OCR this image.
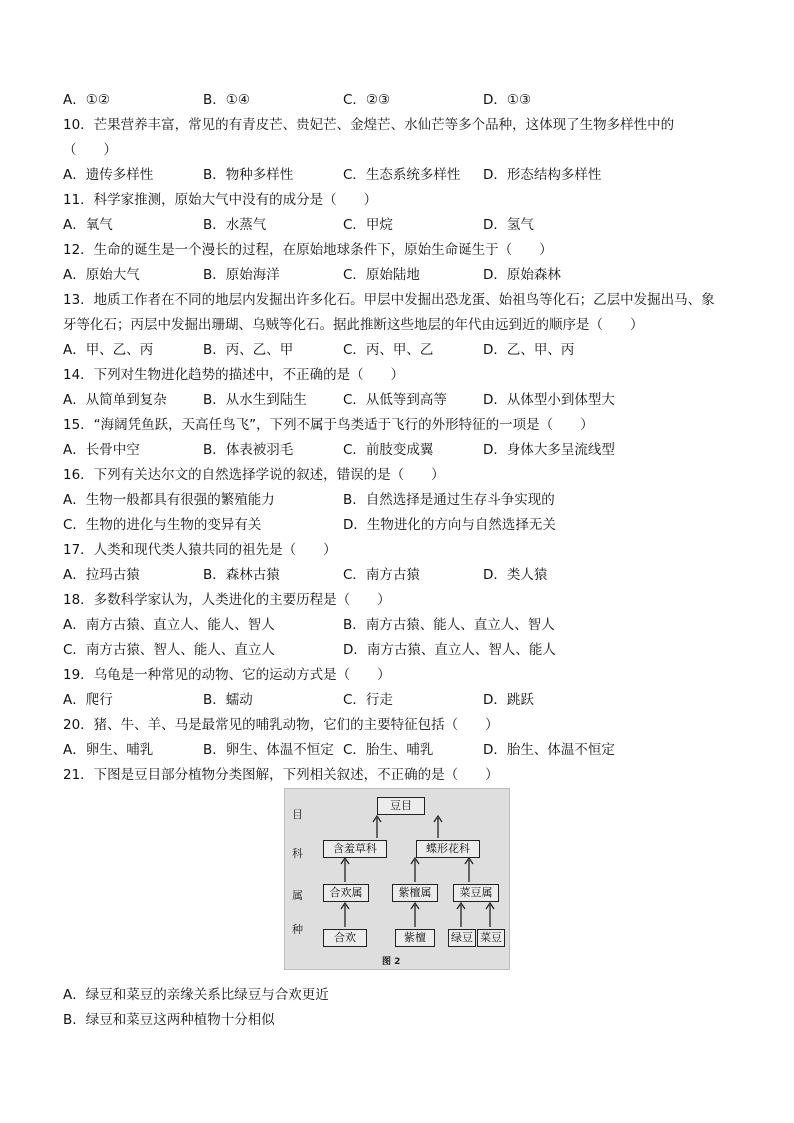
A．①②	B．①④	C．②③	D．①③
10．芒果营养丰富，常见的有青皮芒、贵妃芒、金煌芒、水仙芒等多个品种，这体现了生物多样性中的
（　　）
A．遗传多样性	B．物种多样性	C．生态系统多样性 D．形态结构多样性
11．科学家推测，原始大气中没有的成分是（　　）
A．氧气	B．水蒸气	C．甲烷	D．氢气
12．生命的诞生是一个漫长的过程，在原始地球条件下，原始生命诞生于（　　）
A．原始大气	B．原始海洋	C．原始陆地	D．原始森林
13．地质工作者在不同的地层内发掘出许多化石。甲层中发掘出恐龙蛋、始祖鸟等化石；乙层中发掘出马、象
牙等化石；丙层中发掘出珊瑚、乌贼等化石。据此推断这些地层的年代由远到近的顺序是（　　）
A．甲、乙、丙	B．丙、乙、甲	C．丙、甲、乙	D．乙、甲、丙
14．下列对生物进化趋势的描述中，不正确的是（　　）
A．从简单到复杂	B．从水生到陆生	C．从低等到高等	D．从体型小到体型大
15．“海阔凭鱼跃，天高任鸟飞”，下列不属于鸟类适于飞行的外形特征的一项是（　　）
A．长骨中空	B．体表被羽毛	C．前肢变成翼	D．身体大多呈流线型
16．下列有关达尔文的自然选择学说的叙述，错误的是（　　）
A．生物一般都具有很强的繁殖能力	B．自然选择是通过生存斗争实现的
C．生物的进化与生物的变异有关	D．生物进化的方向与自然选择无关
17．人类和现代类人猿共同的祖先是（　　）
A．拉玛古猿	B．森林古猿	C．南方古猿	D．类人猿
18．多数科学家认为，人类进化的主要历程是（　　）
A．南方古猿、直立人、能人、智人	B．南方古猿、能人、直立人、智人
C．南方古猿、智人、能人、直立人	D．南方古猿、直立人、智人、能人
19．乌龟是一种常见的动物、它的运动方式是（　　）
A．爬行	B．蠕动	C．行走	D．跳跃
20．猪、牛、羊、马是最常见的哺乳动物，它们的主要特征包括（　　）
A．卵生、哺乳	B．卵生、体温不恒定 C．胎生、哺乳	D．胎生、体温不恒定
21．下图是豆目部分植物分类图解，下列相关叙述，不正确的是（　　）
目
科
属
种
豆目
含羞草科	蝶形花科
合欢属	紫檀属	菜豆属
合欢	紫檀	绿豆 菜豆
图 2
A．绿豆和菜豆的亲缘关系比绿豆与合欢更近
B．绿豆和菜豆这两种植物十分相似
